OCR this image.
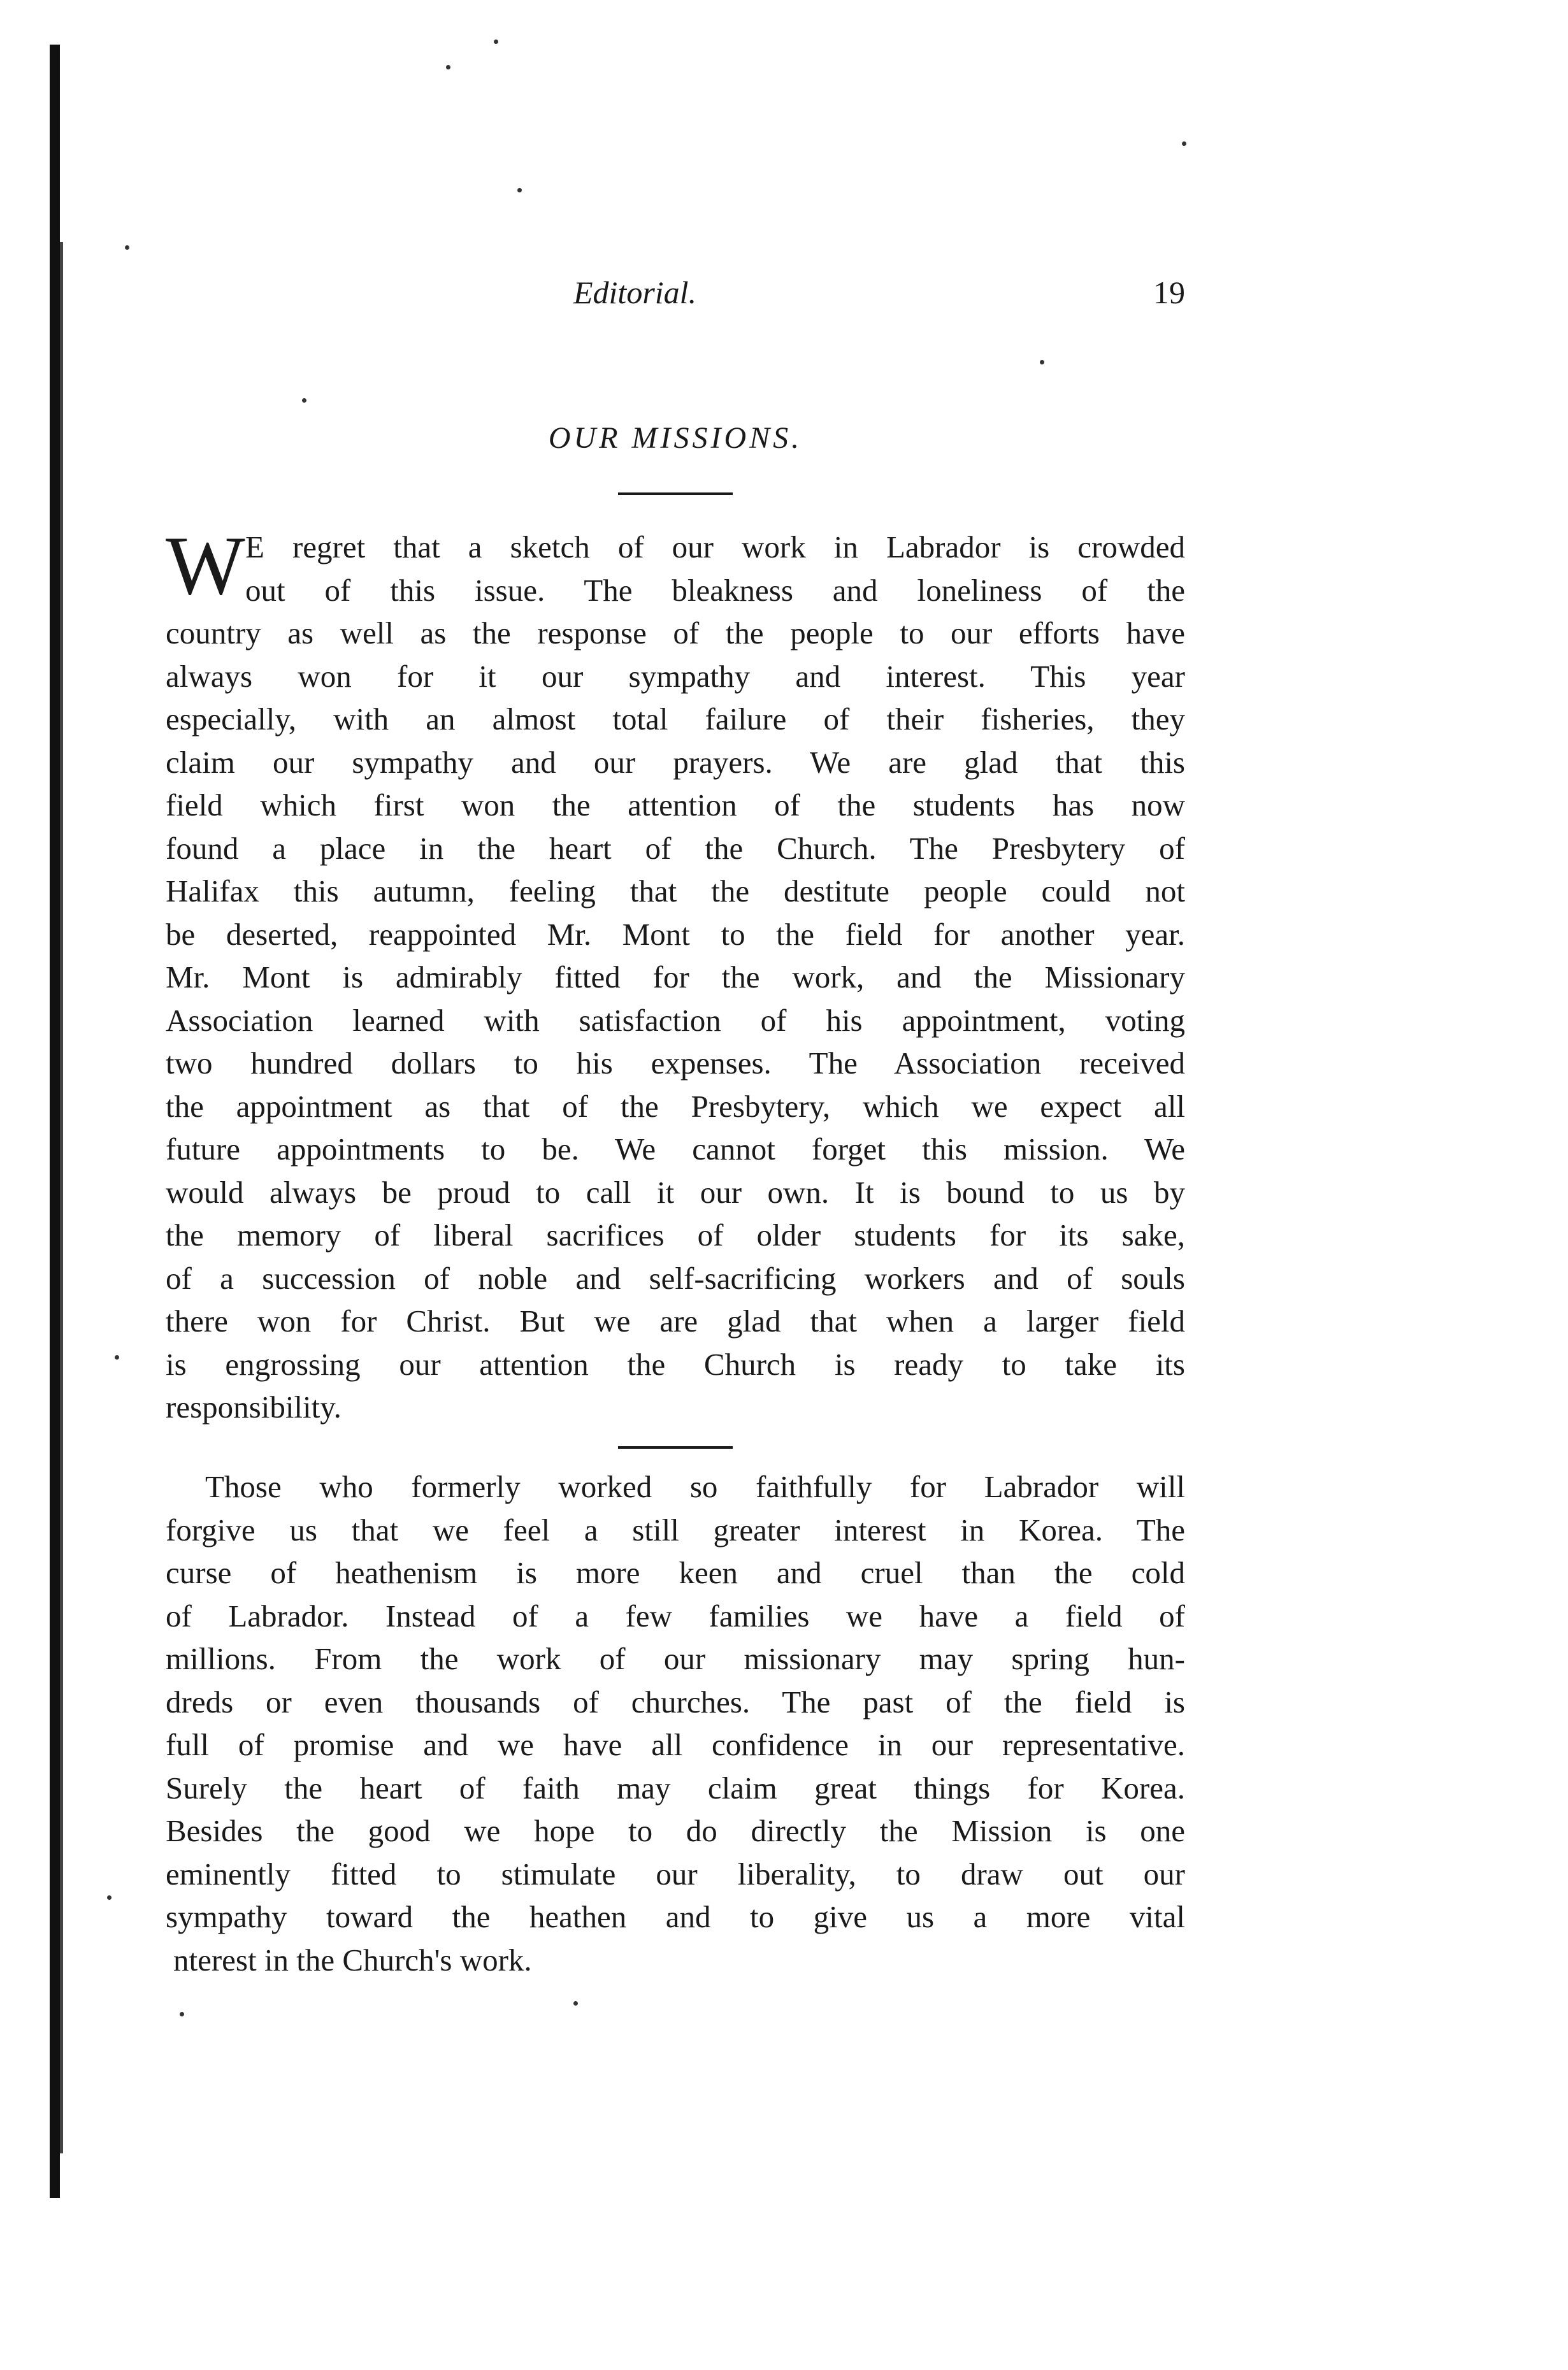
Editorial.	19
OUR MISSIONS.
W E regret that a sketch of our work in Labrador is crowded
out of this issue. The bleakness and loneliness of the
country as well as the response of the people to our efforts have
always won for it our sympathy and interest. This year
especially, with an almost total failure of their fisheries, they
claim our sympathy and our prayers. We are glad that this
field which first won the attention of the students has now
found a place in the heart of the Church. The Presbytery of
Halifax this autumn, feeling that the destitute people could not
be deserted, reappointed Mr. Mont to the field for another year.
Mr. Mont is admirably fitted for the work, and the Missionary
Association learned with satisfaction of his appointment, voting
two hundred dollars to his expenses. The Association received
the appointment as that of the Presbytery, which we expect all
future appointments to be. We cannot forget this mission. We
would always be proud to call it our own. It is bound to us by
the memory of liberal sacrifices of older students for its sake,
of a succession of noble and self-sacrificing workers and of souls
there won for Christ. But we are glad that when a larger field
is engrossing our attention the Church is ready to take its
responsibility.
Those who formerly worked so faithfully for Labrador will
forgive us that we feel a still greater interest in Korea. The
curse of heathenism is more keen and cruel than the cold
of Labrador. Instead of a few families we have a field of
millions. From the work of our missionary may spring hun-
dreds or even thousands of churches. The past of the field is
full of promise and we have all confidence in our representative.
Surely the heart of faith may claim great things for Korea.
Besides the good we hope to do directly the Mission is one
eminently fitted to stimulate our liberality, to draw out our
sympathy toward the heathen and to give us a more vital
nterest in the Church's work.
